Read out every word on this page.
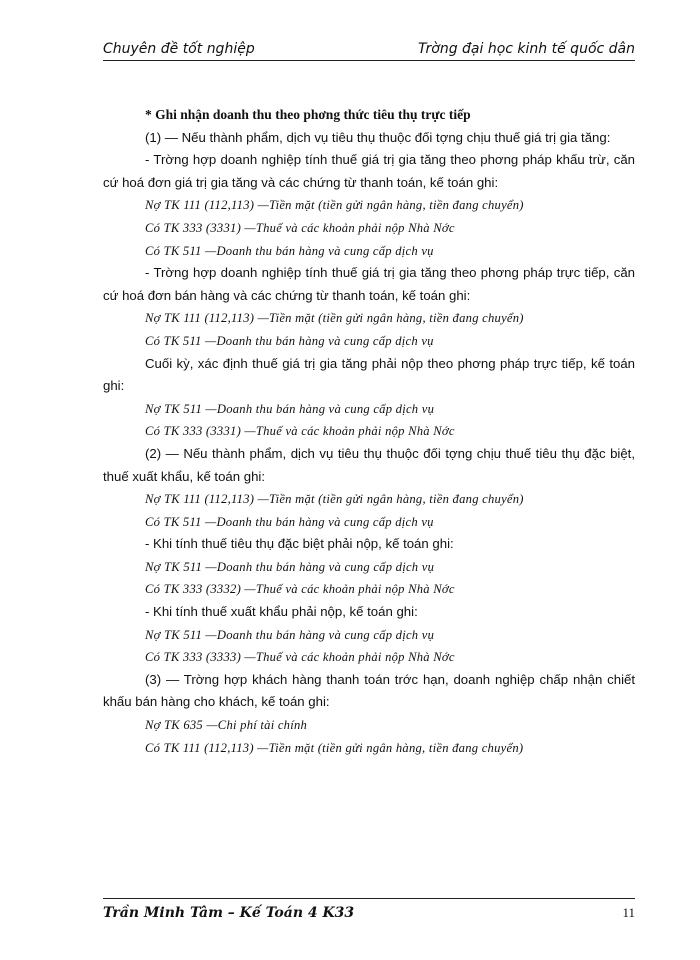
Chuyên đề tốt nghiệp	Trờng đại học kinh tế quốc dân

* Ghi nhận doanh thu theo phơng thức tiêu thụ trực tiếp

(1) — Nếu thành phẩm, dịch vụ tiêu thụ thuộc đối tợng chịu thuế giá trị gia tăng:

- Trờng hợp doanh nghiệp tính thuế giá trị gia tăng theo phơng pháp khấu trừ, căn cứ hoá đơn giá trị gia tăng và các chứng từ thanh toán, kế toán ghi:

Nợ TK 111 (112,113) —Tiền mặt (tiền gửi ngân hàng, tiền đang chuyển)

Có TK 333 (3331) —Thuế và các khoản phải nộp Nhà Nớc

Có TK 511 —Doanh thu bán hàng và cung cấp dịch vụ

- Trờng hợp doanh nghiệp tính thuế giá trị gia tăng theo phơng pháp trực tiếp, căn cứ hoá đơn bán hàng và các chứng từ thanh toán, kế toán ghi:

Nợ TK 111 (112,113) —Tiền mặt (tiền gửi ngân hàng, tiền đang chuyển)

Có TK 511 —Doanh thu bán hàng và cung cấp dịch vụ

Cuối kỳ, xác định thuế giá trị gia tăng phải nộp theo phơng pháp trực tiếp, kế toán ghi:

Nợ TK 511 —Doanh thu bán hàng và cung cấp dịch vụ

Có TK 333 (3331) —Thuế và các khoản phải nộp Nhà Nớc

(2) — Nếu thành phẩm, dịch vụ tiêu thụ thuộc đối tợng chịu thuế tiêu thụ đặc biệt, thuế xuất khẩu, kế toán ghi:

Nợ TK 111 (112,113) —Tiền mặt (tiền gửi ngân hàng, tiền đang chuyển)

Có TK 511 —Doanh thu bán hàng và cung cấp dịch vụ

- Khi tính thuế tiêu thụ đặc biệt phải nộp, kế toán ghi:

Nợ TK 511 —Doanh thu bán hàng và cung cấp dịch vụ

Có TK 333 (3332) —Thuế và các khoản phải nộp Nhà Nớc

- Khi tính thuế xuất khẩu phải nộp, kế toán ghi:

Nợ TK 511 —Doanh thu bán hàng và cung cấp dịch vụ

Có TK 333 (3333) —Thuế và các khoản phải nộp Nhà Nớc

(3) — Trờng hợp khách hàng thanh toán trớc hạn, doanh nghiệp chấp nhận chiết khấu bán hàng cho khách, kế toán ghi:

Nợ TK 635 —Chi phí tài chính

Có TK 111 (112,113) —Tiền mặt (tiền gửi ngân hàng, tiền đang chuyển)

Trần Minh Tâm – Kế Toán 4 K33	11
